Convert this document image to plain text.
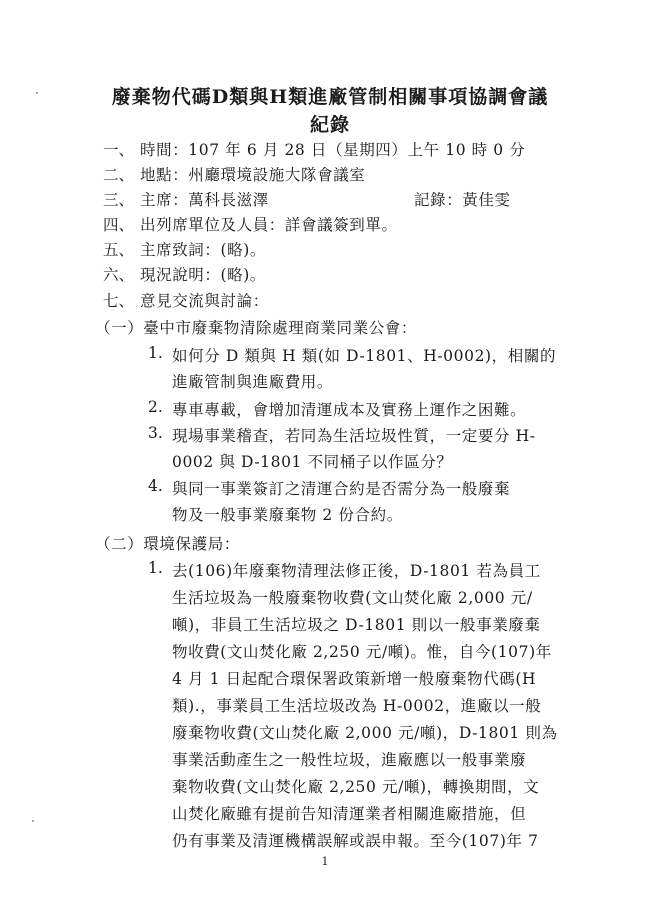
廢棄物代碼D類與H類進廠管制相關事項協調會議
紀錄
一、 時間：107 年 6 月 28 日（星期四）上午 10 時 0 分
二、 地點：州廳環境設施大隊會議室
三、 主席：萬科長滋澤	記錄：黃佳雯
四、 出列席單位及人員：詳會議簽到單。
五、 主席致詞：(略)。
六、 現況說明：(略)。
七、 意見交流與討論：
（一）臺中市廢棄物清除處理商業同業公會：
1. 如何分 D 類與 H 類(如 D-1801、H-0002)，相關的
進廠管制與進廠費用。
2. 專車專載，會增加清運成本及實務上運作之困難。
3. 現場事業稽查，若同為生活垃圾性質，一定要分 H-
0002 與 D-1801 不同桶子以作區分？
4. 與同一事業簽訂之清運合約是否需分為一般廢棄
物及一般事業廢棄物 2 份合約。
（二）環境保護局：
1. 去(106)年廢棄物清理法修正後，D-1801 若為員工
生活垃圾為一般廢棄物收費(文山焚化廠 2,000 元/
噸)，非員工生活垃圾之 D-1801 則以一般事業廢棄
物收費(文山焚化廠 2,250 元/噸)。惟，自今(107)年
4 月 1 日起配合環保署政策新增一般廢棄物代碼(H
類).，事業員工生活垃圾改為 H-0002，進廠以一般
廢棄物收費(文山焚化廠 2,000 元/噸)，D-1801 則為
事業活動產生之一般性垃圾，進廠應以一般事業廢
棄物收費(文山焚化廠 2,250 元/噸)，轉換期間，文
山焚化廠雖有提前告知清運業者相關進廠措施，但
仍有事業及清運機構誤解或誤申報。至今(107)年 7
1
